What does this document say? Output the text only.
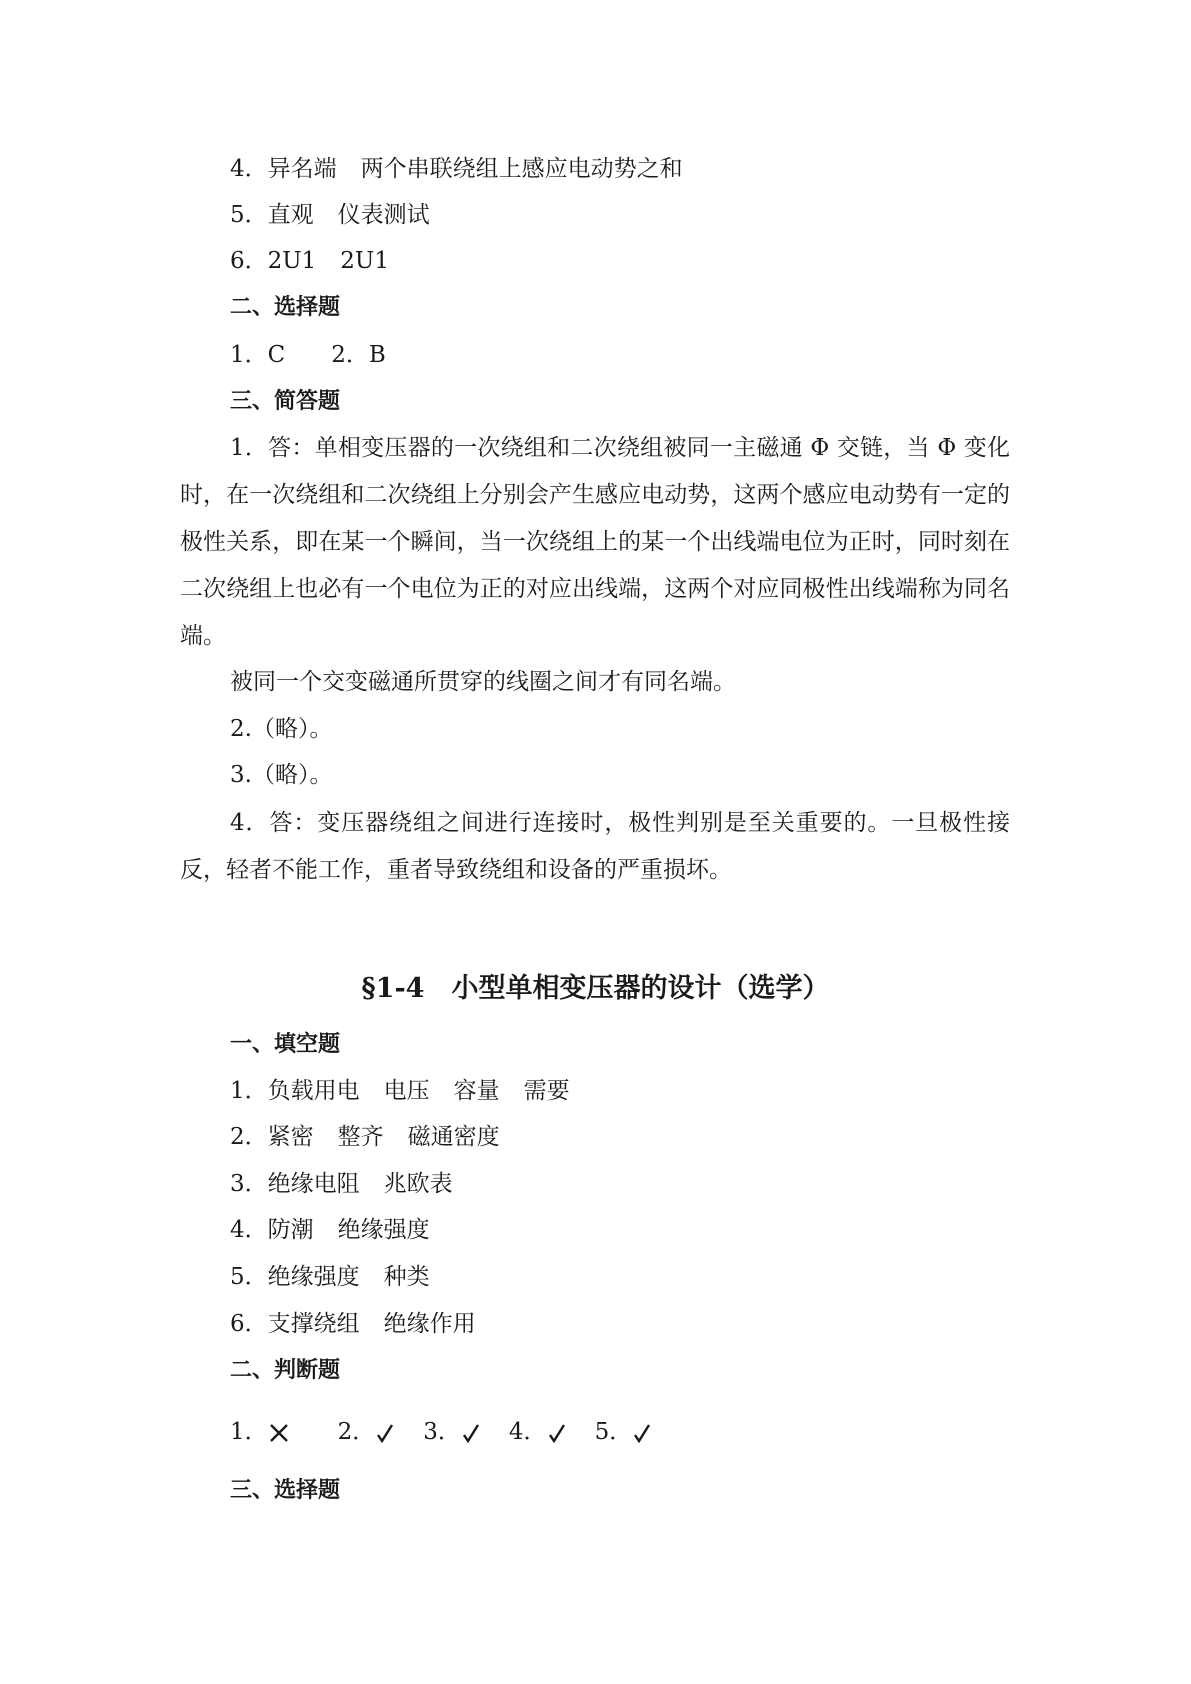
4．异名端 两个串联绕组上感应电动势之和
5．直观 仪表测试
6．2U1 2U1
二、选择题
1．C 2．B
三、简答题
1．答：单相变压器的一次绕组和二次绕组被同一主磁通 Φ 交链，当 Φ 变化时，在一次绕组和二次绕组上分别会产生感应电动势，这两个感应电动势有一定的极性关系，即在某一个瞬间，当一次绕组上的某一个出线端电位为正时，同时刻在二次绕组上也必有一个电位为正的对应出线端，这两个对应同极性出线端称为同名端。
被同一个交变磁通所贯穿的线圈之间才有同名端。
2.（略）。
3.（略）。
4．答：变压器绕组之间进行连接时，极性判别是至关重要的。一旦极性接反，轻者不能工作，重者导致绕组和设备的严重损坏。
§1-4　小型单相变压器的设计（选学）
一、填空题
1．负载用电 电压 容量 需要
2．紧密 整齐 磁通密度
3．绝缘电阻 兆欧表
4．防潮 绝缘强度
5．绝缘强度 种类
6．支撑绕组 绝缘作用
二、判断题
1．	2． 3． 4． 5．
三、选择题
